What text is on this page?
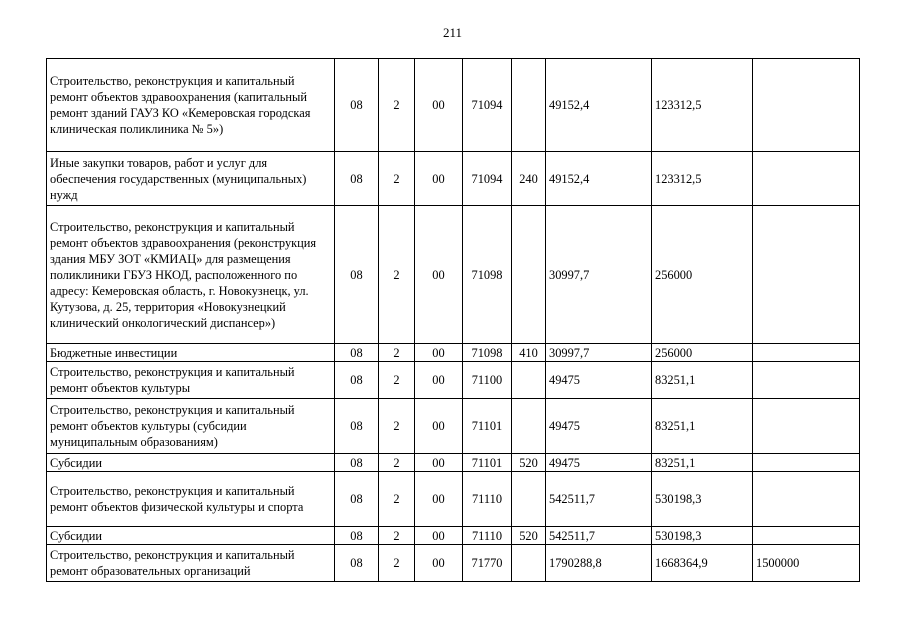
211
Строительство, реконструкция и капитальный ремонт объектов здравоохранения (капитальный ремонт зданий ГАУЗ КО «Кемеровская городская клиническая поликлиника № 5»)	08	2	00	71094		49152,4	123312,5	
Иные закупки товаров, работ и услуг для обеспечения государственных (муниципальных) нужд	08	2	00	71094	240	49152,4	123312,5	
Строительство, реконструкция и капитальный ремонт объектов здравоохранения (реконструкция здания МБУ ЗОТ «КМИАЦ» для размещения поликлиники ГБУЗ НКОД, расположенного по адресу: Кемеровская область, г. Новокузнецк, ул. Кутузова, д. 25, территория «Новокузнецкий клинический онкологический диспансер»)	08	2	00	71098		30997,7	256000	
Бюджетные инвестиции	08	2	00	71098	410	30997,7	256000	
Строительство, реконструкция и капитальный ремонт объектов культуры	08	2	00	71100		49475	83251,1	
Строительство, реконструкция и капитальный ремонт объектов культуры (субсидии муниципальным образованиям)	08	2	00	71101		49475	83251,1	
Субсидии	08	2	00	71101	520	49475	83251,1	
Строительство, реконструкция и капитальный ремонт объектов физической культуры и спорта	08	2	00	71110		542511,7	530198,3	
Субсидии	08	2	00	71110	520	542511,7	530198,3	
Строительство, реконструкция и капитальный ремонт образовательных организаций	08	2	00	71770		1790288,8	1668364,9	1500000
